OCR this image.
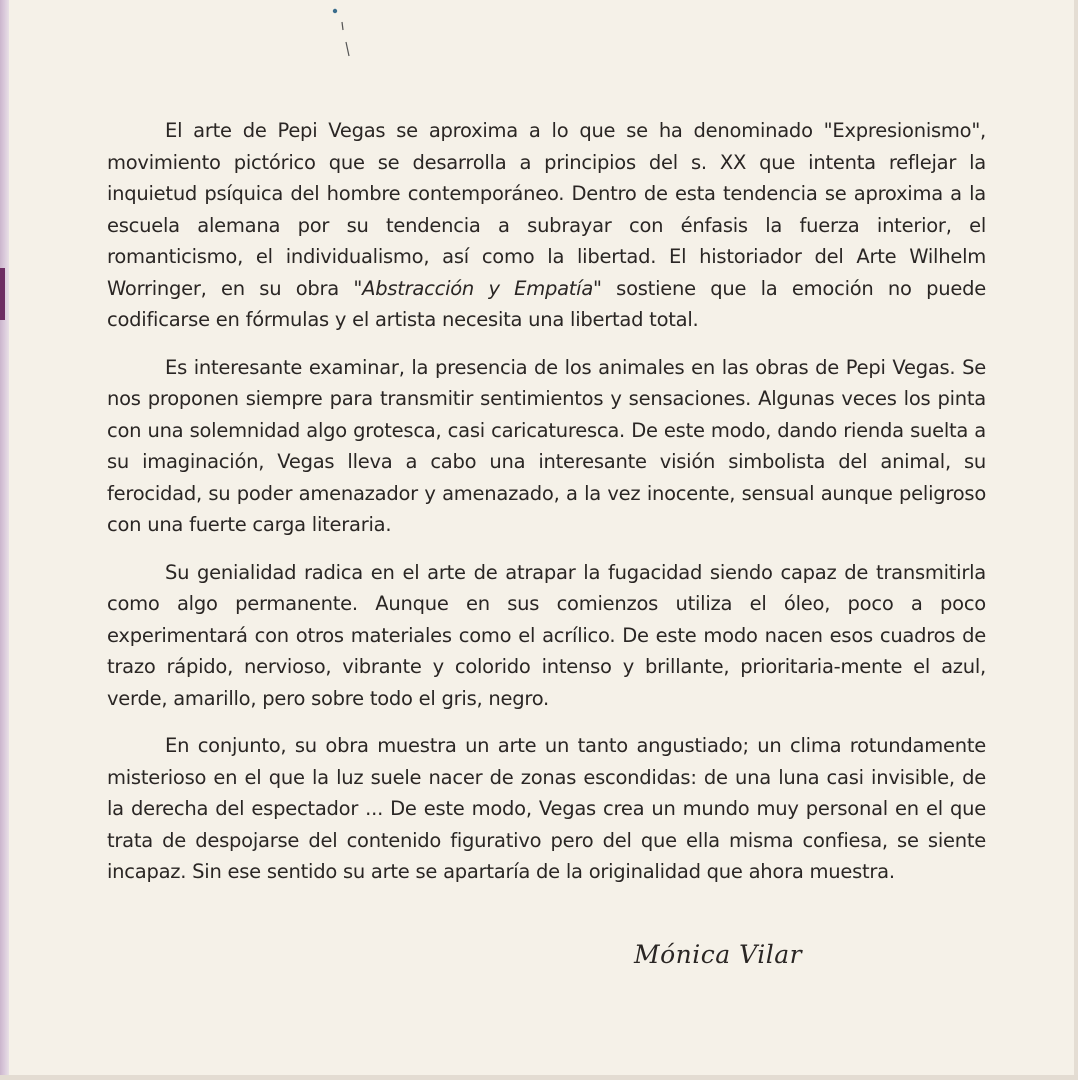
El arte de Pepi Vegas se aproxima a lo que se ha denominado "Expresionismo", movimiento pictórico que se desarrolla a principios del s. XX que intenta reflejar la inquietud psíquica del hombre contemporáneo. Dentro de esta tendencia se aproxima a la escuela alemana por su tendencia a subrayar con énfasis la fuerza interior, el romanticismo, el individualismo, así como la libertad. El historiador del Arte Wilhelm Worringer, en su obra "Abstracción y Empatía" sostiene que la emoción no puede codificarse en fórmulas y el artista necesita una libertad total.

Es interesante examinar, la presencia de los animales en las obras de Pepi Vegas. Se nos proponen siempre para transmitir sentimientos y sensaciones. Algunas veces los pinta con una solemnidad algo grotesca, casi caricaturesca. De este modo, dando rienda suelta a su imaginación, Vegas lleva a cabo una interesante visión simbolista del animal, su ferocidad, su poder amenazador y amenazado, a la vez inocente, sensual aunque peligroso con una fuerte carga literaria.

Su genialidad radica en el arte de atrapar la fugacidad siendo capaz de transmitirla como algo permanente. Aunque en sus comienzos utiliza el óleo, poco a poco experimentará con otros materiales como el acrílico. De este modo nacen esos cuadros de trazo rápido, nervioso, vibrante y colorido intenso y brillante, prioritaria-mente el azul, verde, amarillo, pero sobre todo el gris, negro.

En conjunto, su obra muestra un arte un tanto angustiado; un clima rotundamente misterioso en el que la luz suele nacer de zonas escondidas: de una luna casi invisible, de la derecha del espectador ... De este modo, Vegas crea un mundo muy personal en el que trata de despojarse del contenido figurativo pero del que ella misma confiesa, se siente incapaz. Sin ese sentido su arte se apartaría de la originalidad que ahora muestra.

Mónica Vilar
